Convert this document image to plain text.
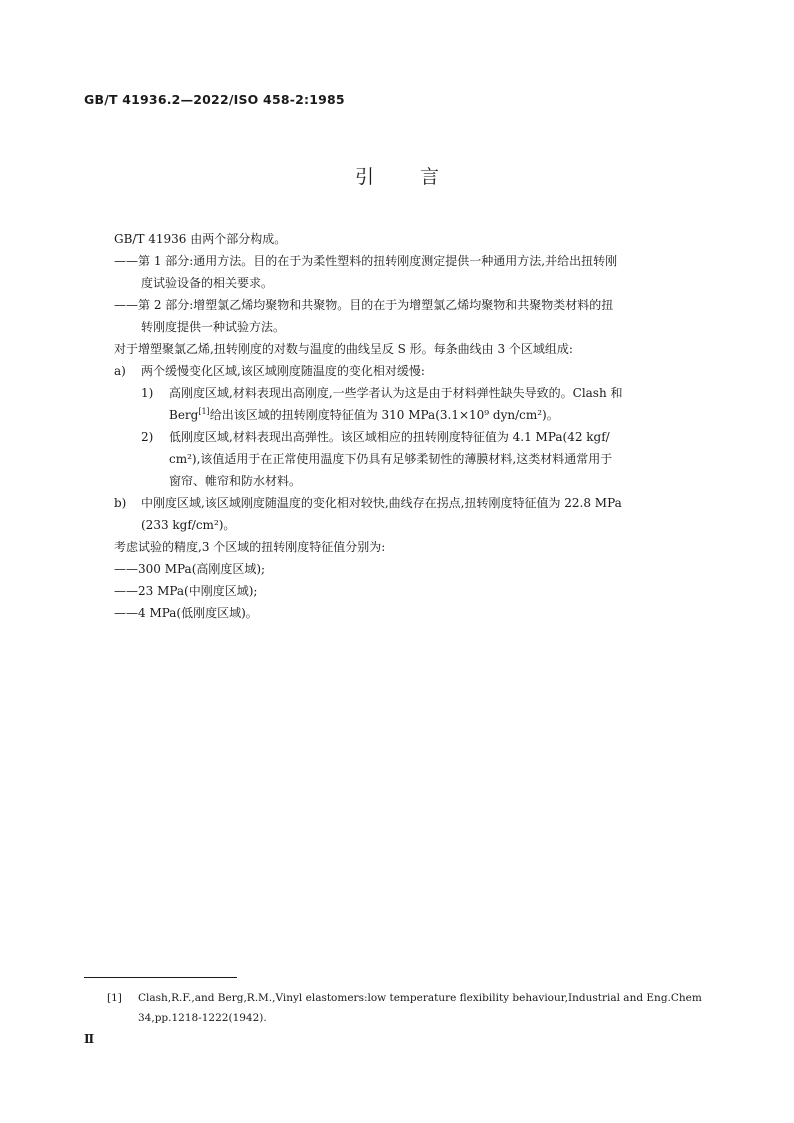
GB/T 41936.2—2022/ISO 458-2:1985
引言
GB/T 41936 由两个部分构成。
——第 1 部分:通用方法。目的在于为柔性塑料的扭转刚度测定提供一种通用方法,并给出扭转刚
度试验设备的相关要求。
——第 2 部分:增塑氯乙烯均聚物和共聚物。目的在于为增塑氯乙烯均聚物和共聚物类材料的扭
转刚度提供一种试验方法。
对于增塑聚氯乙烯,扭转刚度的对数与温度的曲线呈反 S 形。每条曲线由 3 个区域组成:
a) 两个缓慢变化区域,该区域刚度随温度的变化相对缓慢:
1) 高刚度区域,材料表现出高刚度,一些学者认为这是由于材料弹性缺失导致的。Clash 和
Berg[1]给出该区域的扭转刚度特征值为 310 MPa(3.1×10⁹ dyn/cm²)。
2) 低刚度区域,材料表现出高弹性。该区域相应的扭转刚度特征值为 4.1 MPa(42 kgf/
cm²),该值适用于在正常使用温度下仍具有足够柔韧性的薄膜材料,这类材料通常用于
窗帘、帷帘和防水材料。
b) 中刚度区域,该区域刚度随温度的变化相对较快,曲线存在拐点,扭转刚度特征值为 22.8 MPa
(233 kgf/cm²)。
考虑试验的精度,3 个区域的扭转刚度特征值分别为:
——300 MPa(高刚度区域);
——23 MPa(中刚度区域);
——4 MPa(低刚度区域)。
[1] Clash,R.F.,and Berg,R.M.,Vinyl elastomers:low temperature flexibility behaviour,Industrial and Eng.Chem
34,pp.1218-1222(1942).
Ⅱ
